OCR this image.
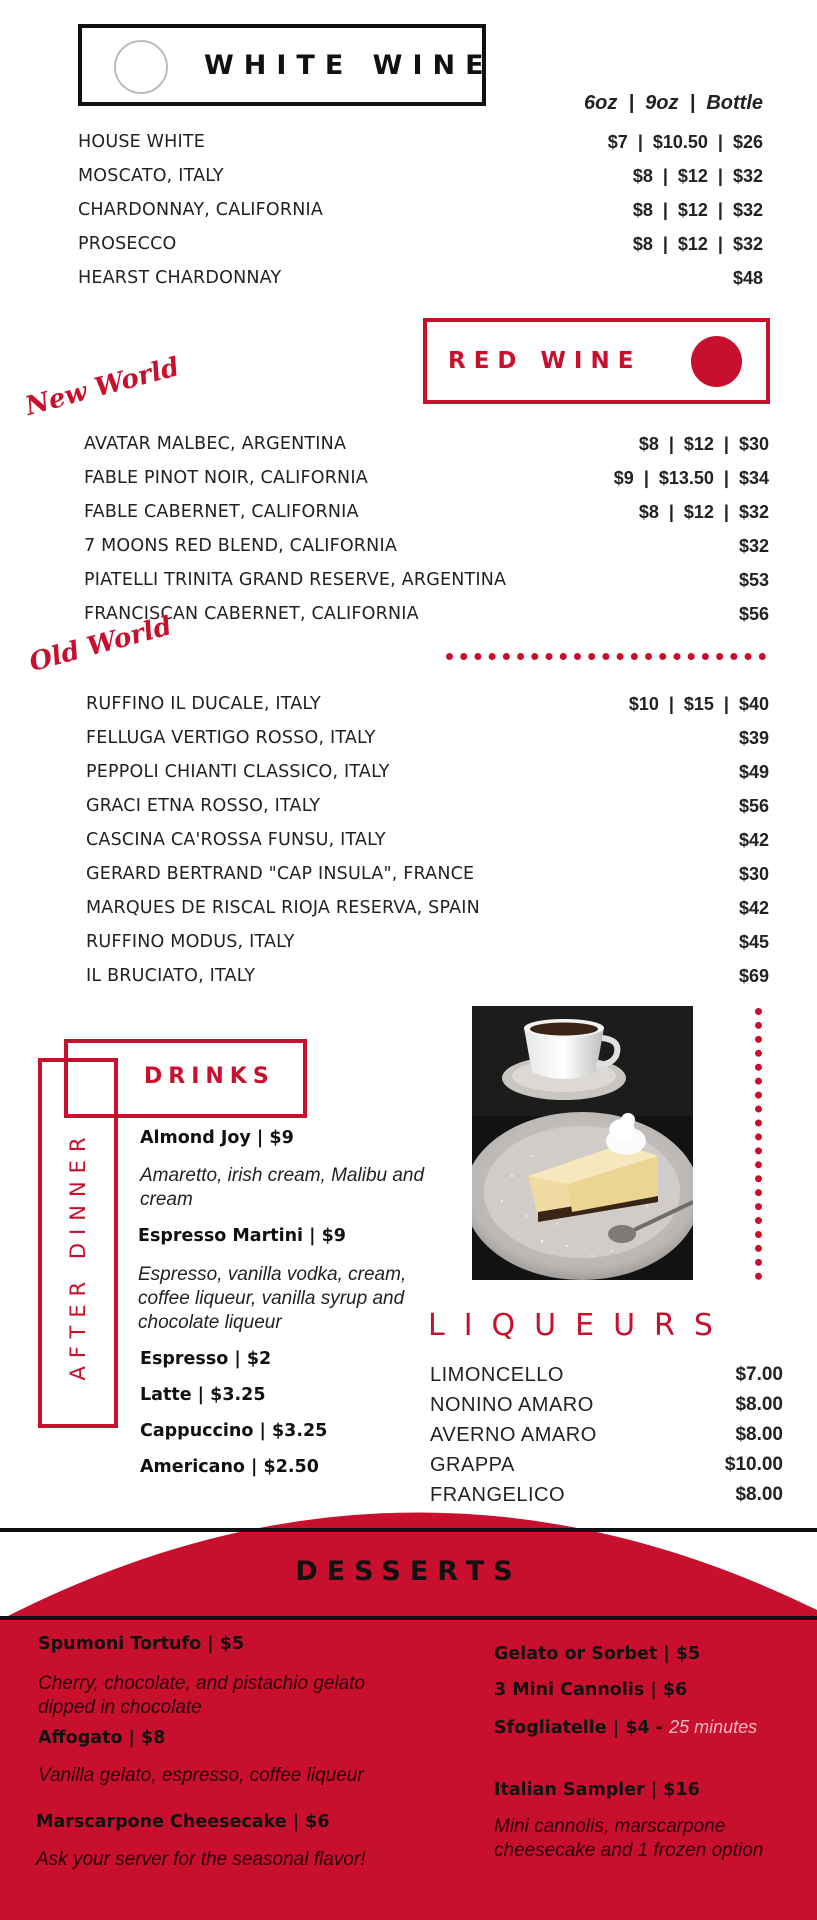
WHITE WINE
6oz  |  9oz  |  Bottle
HOUSE WHITE	$7  |  $10.50  |  $26
MOSCATO, ITALY	$8  |  $12  |  $32
CHARDONNAY, CALIFORNIA	$8  |  $12  |  $32
PROSECCO	$8  |  $12  |  $32
HEARST CHARDONNAY	$48
RED WINE
New World
AVATAR MALBEC, ARGENTINA	$8  |  $12  |  $30
FABLE PINOT NOIR, CALIFORNIA	$9  |  $13.50  |  $34
FABLE CABERNET, CALIFORNIA	$8  |  $12  |  $32
7 MOONS RED BLEND, CALIFORNIA	$32
PIATELLI TRINITA GRAND RESERVE, ARGENTINA	$53
FRANCISCAN CABERNET, CALIFORNIA	$56
Old World
RUFFINO IL DUCALE, ITALY	$10  |  $15  |  $40
FELLUGA VERTIGO ROSSO, ITALY	$39
PEPPOLI CHIANTI CLASSICO, ITALY	$49
GRACI ETNA ROSSO, ITALY	$56
CASCINA CA'ROSSA FUNSU, ITALY	$42
GERARD BERTRAND "CAP INSULA", FRANCE	$30
MARQUES DE RISCAL RIOJA RESERVA, SPAIN	$42
RUFFINO MODUS, ITALY	$45
IL BRUCIATO, ITALY	$69
AFTER DINNER
DRINKS
Almond Joy | $9
Amaretto, irish cream, Malibu and cream
Espresso Martini | $9
Espresso, vanilla vodka, cream, coffee liqueur, vanilla syrup and chocolate liqueur
Espresso | $2
Latte | $3.25
Cappuccino | $3.25
Americano | $2.50
LIQUEURS
LIMONCELLO	$7.00
NONINO AMARO	$8.00
AVERNO AMARO	$8.00
GRAPPA	$10.00
FRANGELICO	$8.00
DESSERTS
Spumoni Tortufo | $5
Cherry, chocolate, and pistachio gelato dipped in chocolate
Affogato | $8
Vanilla gelato, espresso, coffee liqueur
Marscarpone Cheesecake | $6
Ask your server for the seasonal flavor!
Gelato or Sorbet | $5
3 Mini Cannolis | $6
Sfogliatelle | $4 - 25 minutes
Italian Sampler | $16
Mini cannolis, marscarpone cheesecake and 1 frozen option
